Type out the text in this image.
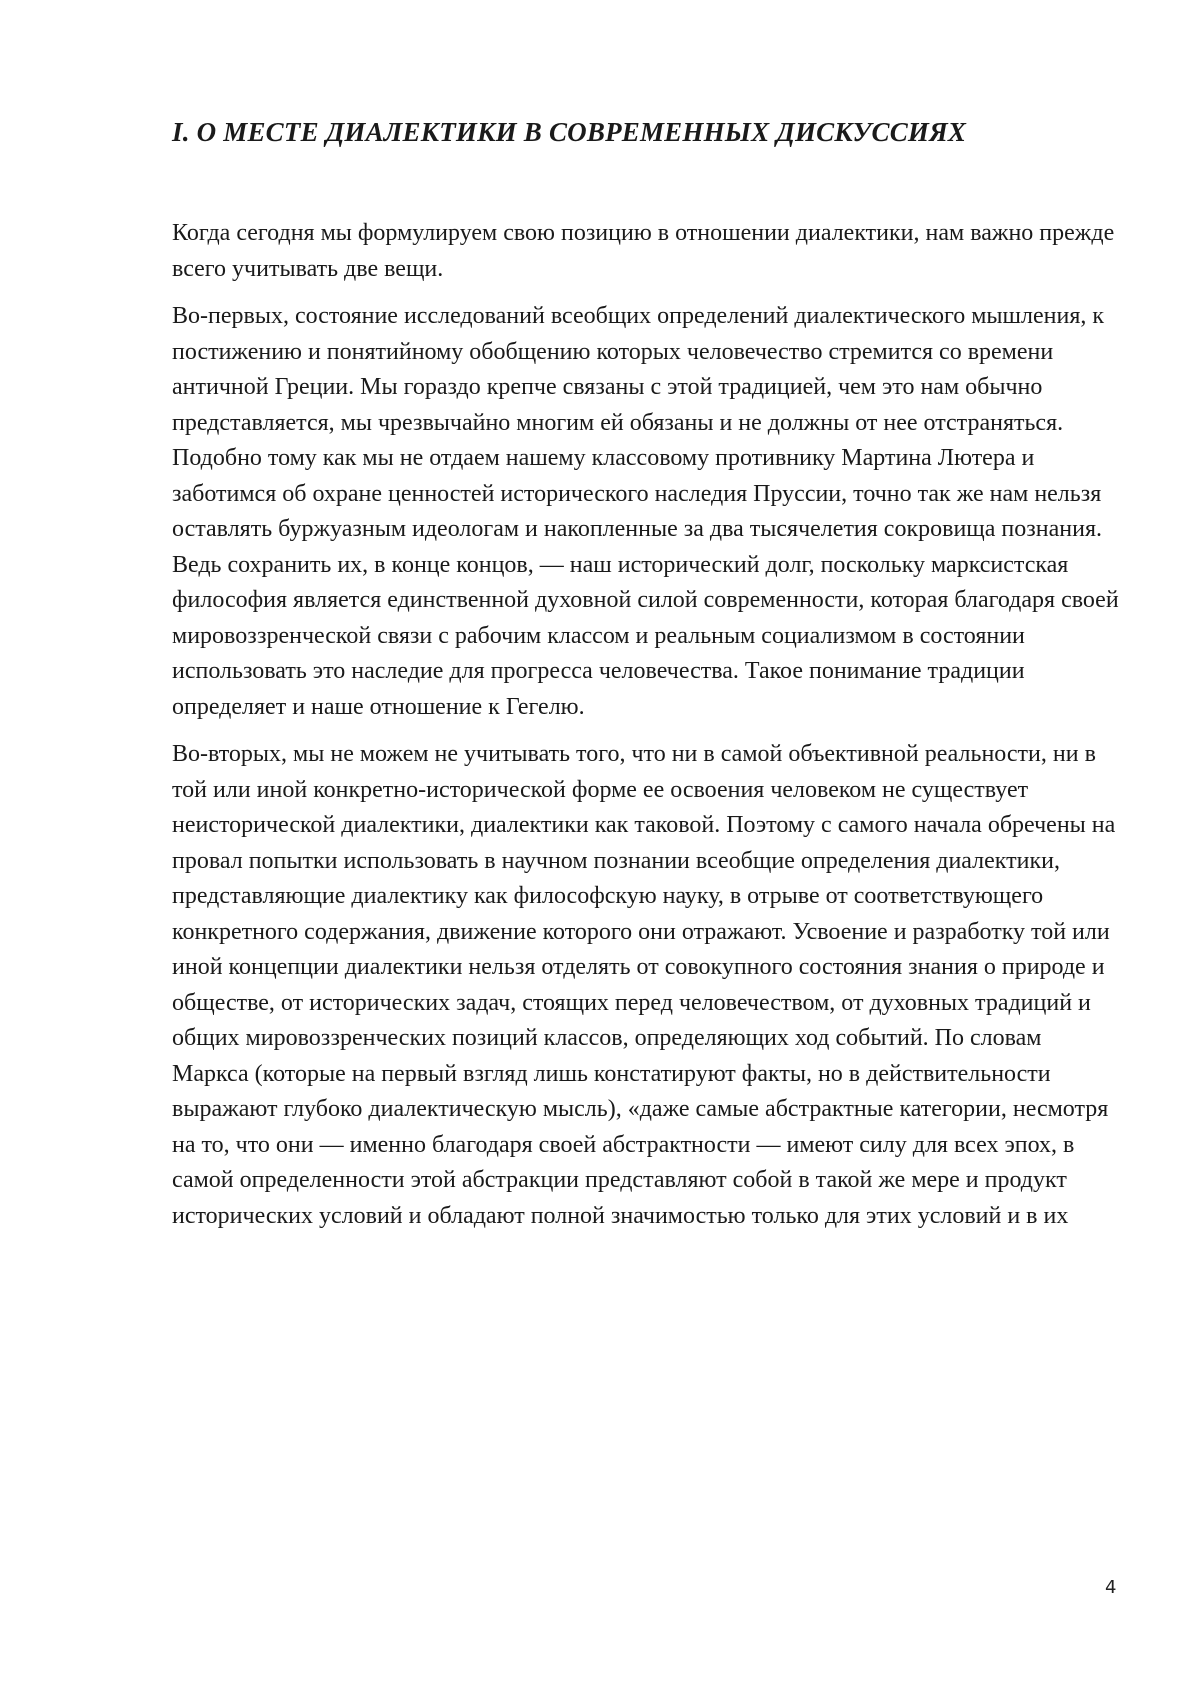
I. О МЕСТЕ ДИАЛЕКТИКИ В СОВРЕМЕННЫХ ДИСКУССИЯХ

Когда сегодня мы формулируем свою позицию в отношении диалектики, нам важно прежде всего учитывать две вещи.

Во-первых, состояние исследований всеобщих определений диалектического мышления, к постижению и понятийному обобщению которых человечество стремится со времени античной Греции. Мы гораздо крепче связаны с этой традицией, чем это нам обычно представляется, мы чрезвычайно многим ей обязаны и не должны от нее отстраняться. Подобно тому как мы не отдаем нашему классовому противнику Мартина Лютера и заботимся об охране ценностей исторического наследия Пруссии, точно так же нам нельзя оставлять буржуазным идеологам и накопленные за два тысячелетия сокровища познания. Ведь сохранить их, в конце концов, — наш исторический долг, поскольку марксистская философия является единственной духовной силой современности, которая благодаря своей мировоззренческой связи с рабочим классом и реальным социализмом в состоянии использовать это наследие для прогресса человечества. Такое понимание традиции определяет и наше отношение к Гегелю.

Во-вторых, мы не можем не учитывать того, что ни в самой объективной реальности, ни в той или иной конкретно-исторической форме ее освоения человеком не существует неисторической диалектики, диалектики как таковой. Поэтому с самого начала обречены на провал попытки использовать в научном познании всеобщие определения диалектики, представляющие диалектику как философскую науку, в отрыве от соответствующего конкретного содержания, движение которого они отражают. Усвоение и разработку той или иной концепции диалектики нельзя отделять от совокупного состояния знания о природе и обществе, от исторических задач, стоящих перед человечеством, от духовных традиций и общих мировоззренческих позиций классов, определяющих ход событий. По словам Маркса (которые на первый взгляд лишь констатируют факты, но в действительности выражают глубоко диалектическую мысль), «даже самые абстрактные категории, несмотря на то, что они — именно благодаря своей абстрактности — имеют силу для всех эпох, в самой определенности этой абстракции представляют собой в такой же мере и продукт исторических условий и обладают полной значимостью только для этих условий и в их

4
